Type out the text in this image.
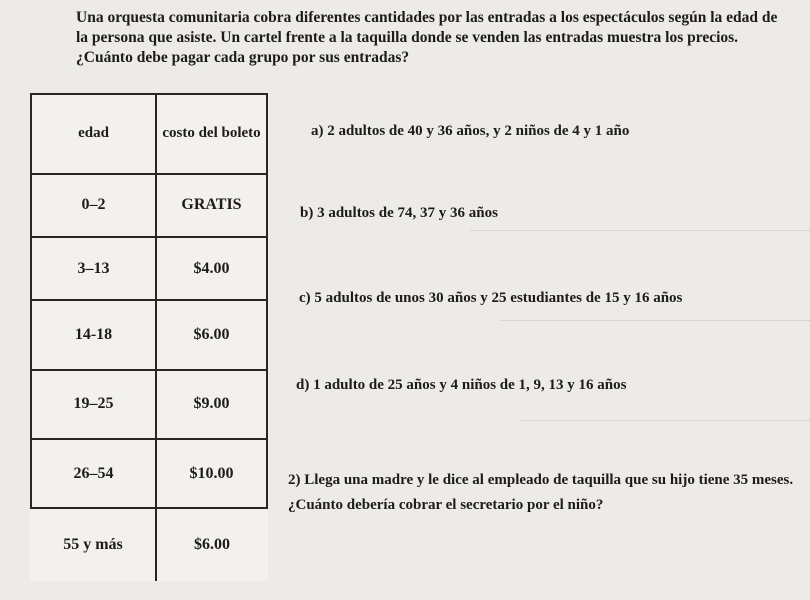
Una orquesta comunitaria cobra diferentes cantidades por las entradas a los espectáculos según la edad de la persona que asiste. Un cartel frente a la taquilla donde se venden las entradas muestra los precios. ¿Cuánto debe pagar cada grupo por sus entradas?

edad	costo del boleto
0–2	GRATIS
3–13	$4.00
14-18	$6.00
19–25	$9.00
26–54	$10.00
55 y más	$6.00

a) 2 adultos de 40 y 36 años, y 2 niños de 4 y 1 año

b) 3 adultos de 74, 37 y 36 años

c) 5 adultos de unos 30 años y 25 estudiantes de 15 y 16 años

d) 1 adulto de 25 años y 4 niños de 1, 9, 13 y 16 años

2) Llega una madre y le dice al empleado de taquilla que su hijo tiene 35 meses. ¿Cuánto debería cobrar el secretario por el niño?
